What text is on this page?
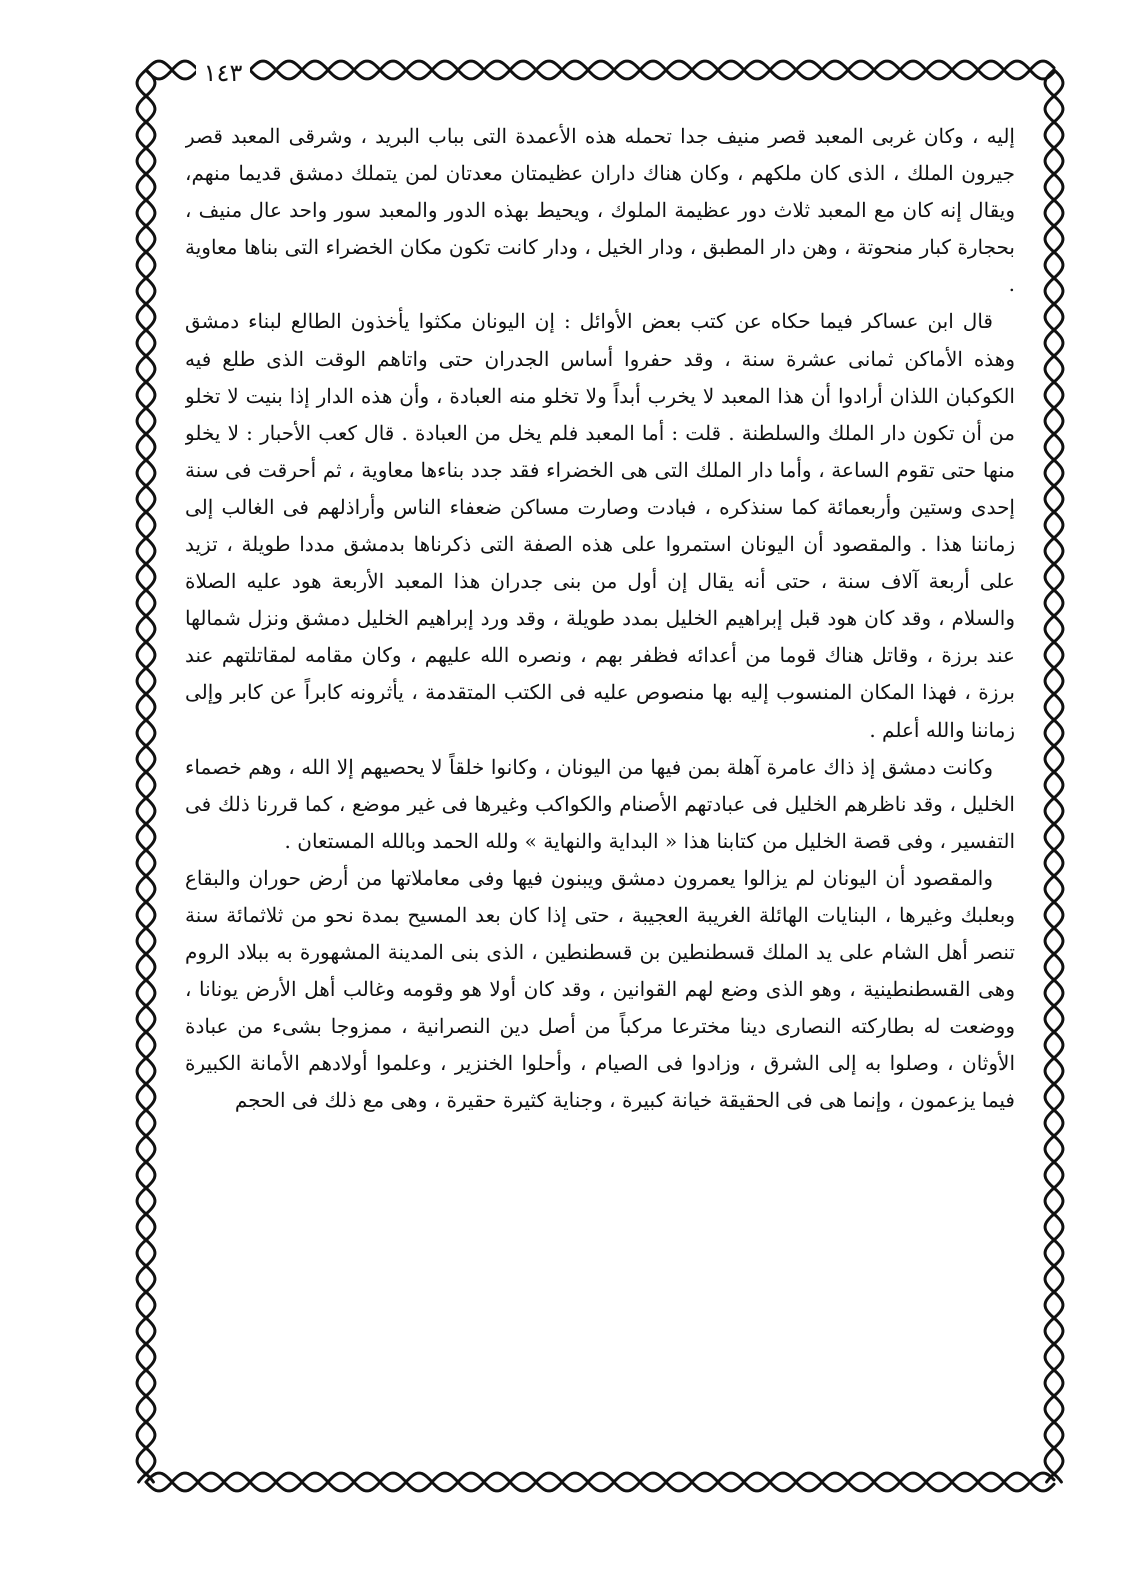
١٤٣

إليه ، وكان غربى المعبد قصر منيف جدا تحمله هذه الأعمدة التى بباب البريد ، وشرقى المعبد قصر جيرون الملك ، الذى كان ملكهم ، وكان هناك داران عظيمتان معدتان لمن يتملك دمشق قديما منهم، ويقال إنه كان مع المعبد ثلاث دور عظيمة الملوك ، ويحيط بهذه الدور والمعبد سور واحد عال منيف ، بحجارة كبار منحوتة ، وهن دار المطبق ، ودار الخيل ، ودار كانت تكون مكان الخضراء التى بناها معاوية .

قال ابن عساكر فيما حكاه عن كتب بعض الأوائل : إن اليونان مكثوا يأخذون الطالع لبناء دمشق وهذه الأماكن ثمانى عشرة سنة ، وقد حفروا أساس الجدران حتى واتاهم الوقت الذى طلع فيه الكوكبان اللذان أرادوا أن هذا المعبد لا يخرب أبداً ولا تخلو منه العبادة ، وأن هذه الدار إذا بنيت لا تخلو من أن تكون دار الملك والسلطنة . قلت : أما المعبد فلم يخل من العبادة . قال كعب الأحبار : لا يخلو منها حتى تقوم الساعة ، وأما دار الملك التى هى الخضراء فقد جدد بناءها معاوية ، ثم أحرقت فى سنة إحدى وستين وأربعمائة كما سنذكره ، فبادت وصارت مساكن ضعفاء الناس وأراذلهم فى الغالب إلى زماننا هذا . والمقصود أن اليونان استمروا على هذه الصفة التى ذكرناها بدمشق مددا طويلة ، تزيد على أربعة آلاف سنة ، حتى أنه يقال إن أول من بنى جدران هذا المعبد الأربعة هود عليه الصلاة والسلام ، وقد كان هود قبل إبراهيم الخليل بمدد طويلة ، وقد ورد إبراهيم الخليل دمشق ونزل شمالها عند برزة ، وقاتل هناك قوما من أعدائه فظفر بهم ، ونصره الله عليهم ، وكان مقامه لمقاتلتهم عند برزة ، فهذا المكان المنسوب إليه بها منصوص عليه فى الكتب المتقدمة ، يأثرونه كابراً عن كابر وإلى زماننا والله أعلم .

وكانت دمشق إذ ذاك عامرة آهلة بمن فيها من اليونان ، وكانوا خلقاً لا يحصيهم إلا الله ، وهم خصماء الخليل ، وقد ناظرهم الخليل فى عبادتهم الأصنام والكواكب وغيرها فى غير موضع ، كما قررنا ذلك فى التفسير ، وفى قصة الخليل من كتابنا هذا « البداية والنهاية » ولله الحمد وبالله المستعان .

والمقصود أن اليونان لم يزالوا يعمرون دمشق ويبنون فيها وفى معاملاتها من أرض حوران والبقاع وبعلبك وغيرها ، البنايات الهائلة الغريبة العجيبة ، حتى إذا كان بعد المسيح بمدة نحو من ثلاثمائة سنة تنصر أهل الشام على يد الملك قسطنطين بن قسطنطين ، الذى بنى المدينة المشهورة به ببلاد الروم وهى القسطنطينية ، وهو الذى وضع لهم القوانين ، وقد كان أولا هو وقومه وغالب أهل الأرض يونانا ، ووضعت له بطاركته النصارى دينا مخترعا مركباً من أصل دين النصرانية ، ممزوجا بشىء من عبادة الأوثان ، وصلوا به إلى الشرق ، وزادوا فى الصيام ، وأحلوا الخنزير ، وعلموا أولادهم الأمانة الكبيرة فيما يزعمون ، وإنما هى فى الحقيقة خيانة كبيرة ، وجناية كثيرة حقيرة ، وهى مع ذلك فى الحجم
